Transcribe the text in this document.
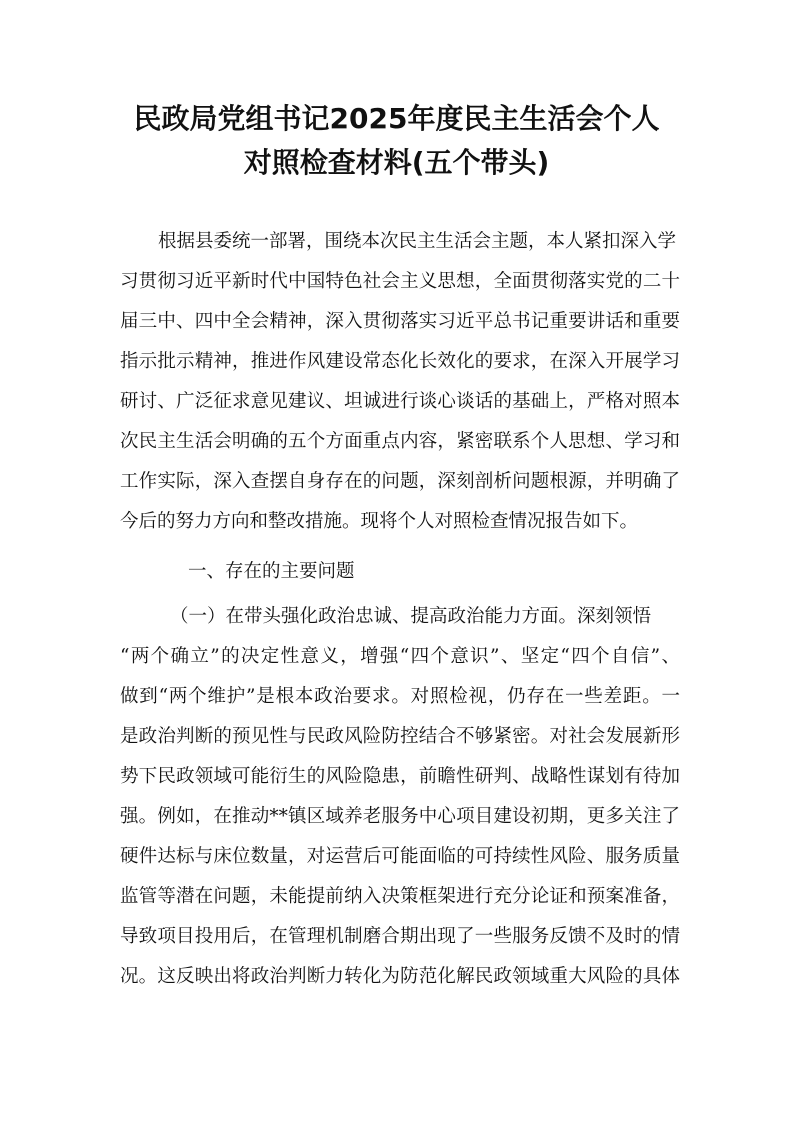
民政局党组书记2025年度民主生活会个人
对照检查材料(五个带头)
根据县委统一部署，围绕本次民主生活会主题，本人紧扣深入学
习贯彻习近平新时代中国特色社会主义思想，全面贯彻落实党的二十
届三中、四中全会精神，深入贯彻落实习近平总书记重要讲话和重要
指示批示精神，推进作风建设常态化长效化的要求，在深入开展学习
研讨、广泛征求意见建议、坦诚进行谈心谈话的基础上，严格对照本
次民主生活会明确的五个方面重点内容，紧密联系个人思想、学习和
工作实际，深入查摆自身存在的问题，深刻剖析问题根源，并明确了
今后的努力方向和整改措施。现将个人对照检查情况报告如下。
一、存在的主要问题
（一）在带头强化政治忠诚、提高政治能力方面。深刻领悟
“两个确立”的决定性意义，增强“四个意识”、坚定“四个自信”、
做到“两个维护”是根本政治要求。对照检视，仍存在一些差距。一
是政治判断的预见性与民政风险防控结合不够紧密。对社会发展新形
势下民政领域可能衍生的风险隐患，前瞻性研判、战略性谋划有待加
强。例如，在推动**镇区域养老服务中心项目建设初期，更多关注了
硬件达标与床位数量，对运营后可能面临的可持续性风险、服务质量
监管等潜在问题，未能提前纳入决策框架进行充分论证和预案准备，
导致项目投用后，在管理机制磨合期出现了一些服务反馈不及时的情
况。这反映出将政治判断力转化为防范化解民政领域重大风险的具体
